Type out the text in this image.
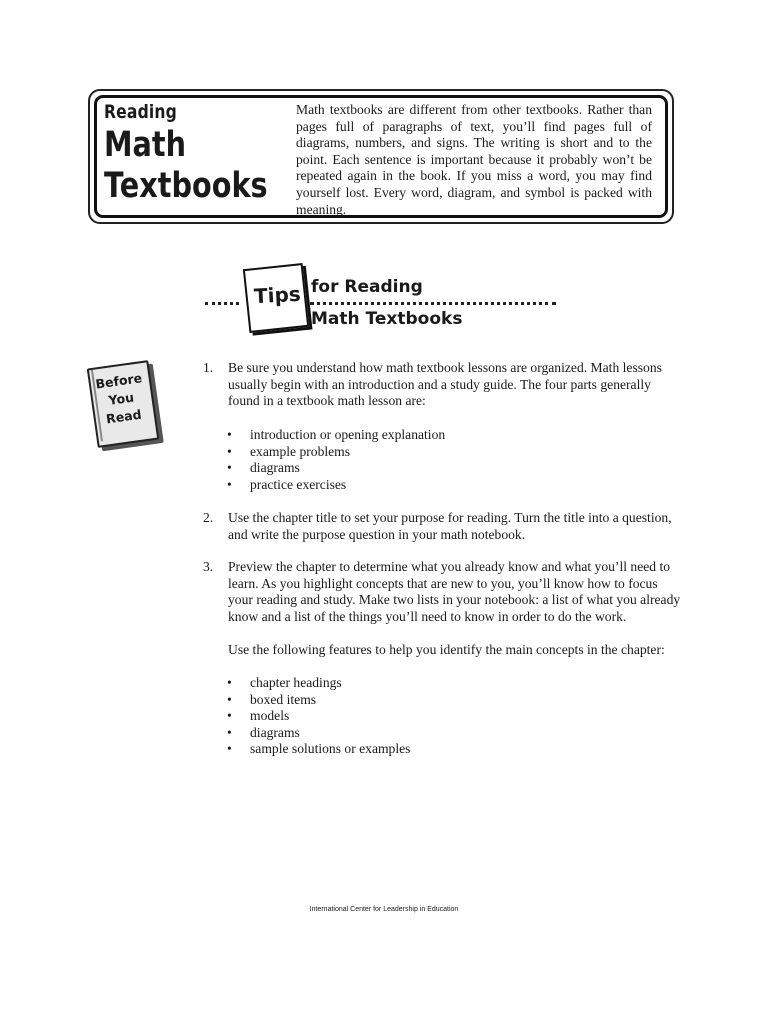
Reading
Math
Textbooks
Math textbooks are different from other textbooks. Rather than pages full of paragraphs of text, you’ll find pages full of diagrams, numbers, and signs. The writing is short and to the point. Each sentence is important because it probably won’t be repeated again in the book. If you miss a word, you may find yourself lost. Every word, diagram, and symbol is packed with meaning.
Tips for Reading
Math Textbooks
Before
You
Read
1. Be sure you understand how math textbook lessons are organized. Math lessons usually begin with an introduction and a study guide. The four parts generally found in a textbook math lesson are:
• introduction or opening explanation
• example problems
• diagrams
• practice exercises
2. Use the chapter title to set your purpose for reading. Turn the title into a question, and write the purpose question in your math notebook.
3. Preview the chapter to determine what you already know and what you’ll need to learn. As you highlight concepts that are new to you, you’ll know how to focus your reading and study. Make two lists in your notebook: a list of what you already know and a list of the things you’ll need to know in order to do the work.
Use the following features to help you identify the main concepts in the chapter:
• chapter headings
• boxed items
• models
• diagrams
• sample solutions or examples
International Center for Leadership in Education
